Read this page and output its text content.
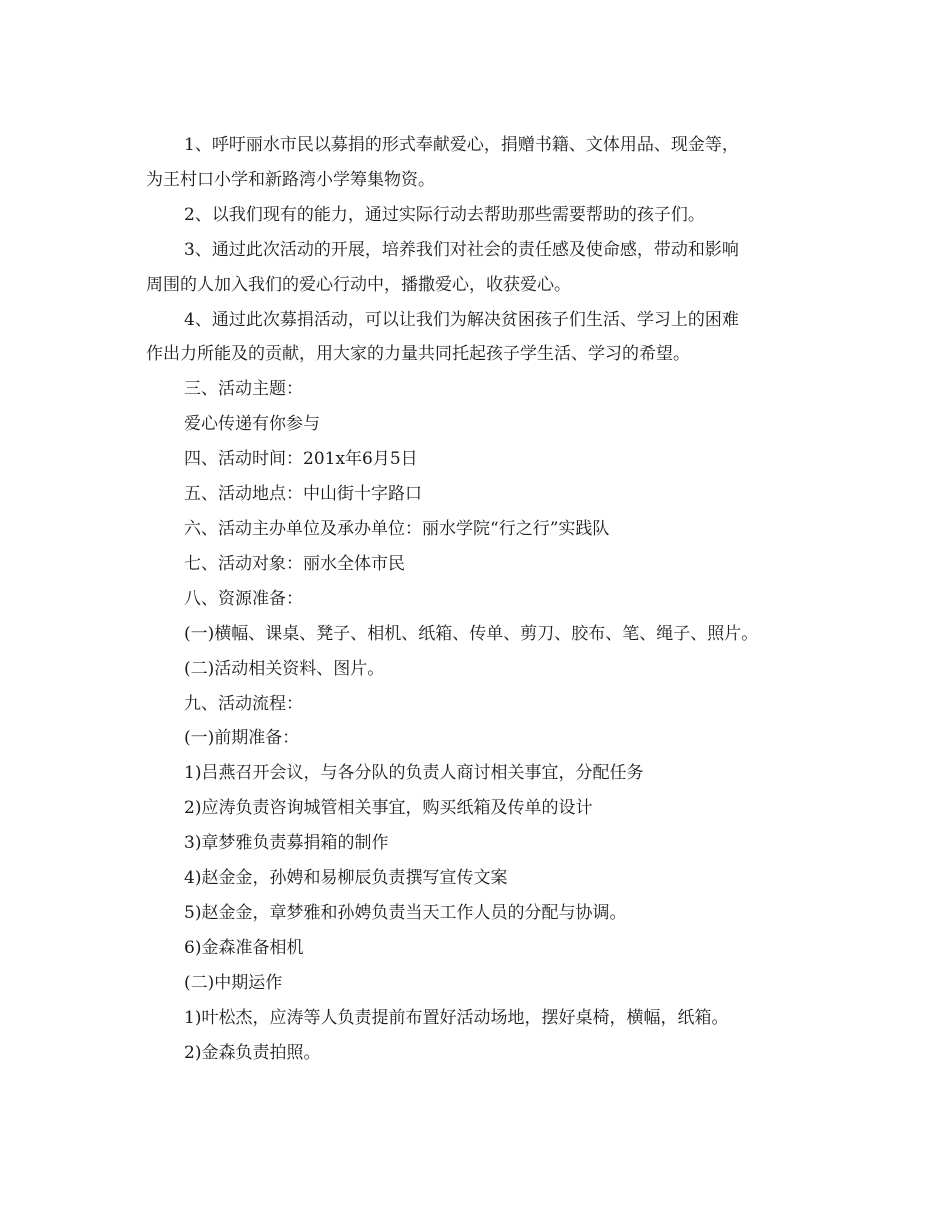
1、呼吁丽水市民以募捐的形式奉献爱心，捐赠书籍、文体用品、现金等，

为王村口小学和新路湾小学筹集物资。

2、以我们现有的能力，通过实际行动去帮助那些需要帮助的孩子们。

3、通过此次活动的开展，培养我们对社会的责任感及使命感，带动和影响

周围的人加入我们的爱心行动中，播撒爱心，收获爱心。

4、通过此次募捐活动，可以让我们为解决贫困孩子们生活、学习上的困难

作出力所能及的贡献，用大家的力量共同托起孩子学生活、学习的希望。

三、活动主题：

爱心传递有你参与

四、活动时间：201x年6月5日

五、活动地点：中山街十字路口

六、活动主办单位及承办单位：丽水学院“行之行”实践队

七、活动对象：丽水全体市民

八、资源准备：

(一)横幅、课桌、凳子、相机、纸箱、传单、剪刀、胶布、笔、绳子、照片。

(二)活动相关资料、图片。

九、活动流程：

(一)前期准备：

1)吕燕召开会议，与各分队的负责人商讨相关事宜，分配任务

2)应涛负责咨询城管相关事宜，购买纸箱及传单的设计

3)章梦雅负责募捐箱的制作

4)赵金金，孙娉和易柳辰负责撰写宣传文案

5)赵金金，章梦雅和孙娉负责当天工作人员的分配与协调。

6)金森准备相机

(二)中期运作

1)叶松杰，应涛等人负责提前布置好活动场地，摆好桌椅，横幅，纸箱。

2)金森负责拍照。
